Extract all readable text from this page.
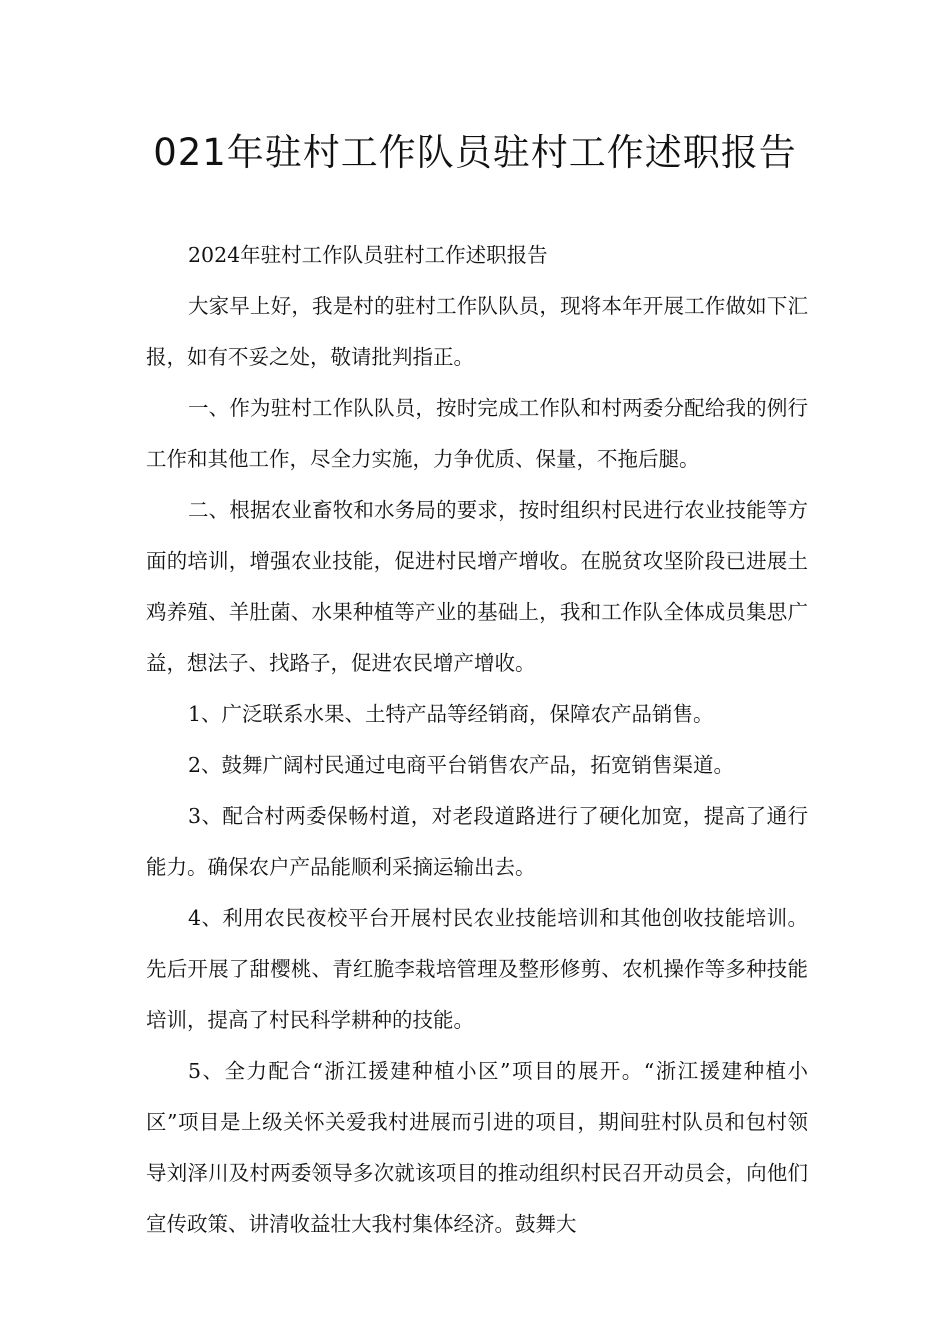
021年驻村工作队员驻村工作述职报告

2024年驻村工作队员驻村工作述职报告

大家早上好，我是村的驻村工作队队员，现将本年开展工作做如下汇报，如有不妥之处，敬请批判指正。

一、作为驻村工作队队员，按时完成工作队和村两委分配给我的例行工作和其他工作，尽全力实施，力争优质、保量，不拖后腿。

二、根据农业畜牧和水务局的要求，按时组织村民进行农业技能等方面的培训，增强农业技能，促进村民增产增收。在脱贫攻坚阶段已进展土鸡养殖、羊肚菌、水果种植等产业的基础上，我和工作队全体成员集思广益，想法子、找路子，促进农民增产增收。

1、广泛联系水果、土特产品等经销商，保障农产品销售。

2、鼓舞广阔村民通过电商平台销售农产品，拓宽销售渠道。

3、配合村两委保畅村道，对老段道路进行了硬化加宽，提高了通行能力。确保农户产品能顺利采摘运输出去。

4、利用农民夜校平台开展村民农业技能培训和其他创收技能培训。先后开展了甜樱桃、青红脆李栽培管理及整形修剪、农机操作等多种技能培训，提高了村民科学耕种的技能。

5、全力配合“浙江援建种植小区”项目的展开。“浙江援建种植小区”项目是上级关怀关爱我村进展而引进的项目，期间驻村队员和包村领导刘泽川及村两委领导多次就该项目的推动组织村民召开动员会，向他们宣传政策、讲清收益壮大我村集体经济。鼓舞大
